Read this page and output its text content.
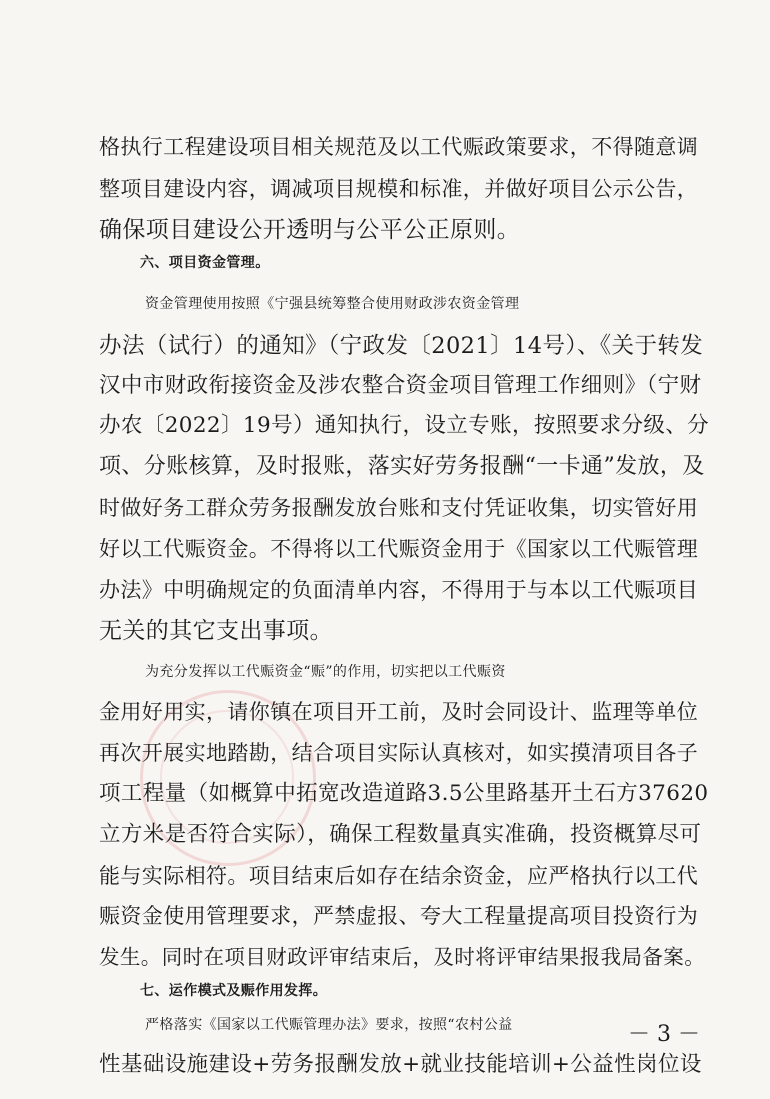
格执行工程建设项目相关规范及以工代赈政策要求，不得随意调
整项目建设内容，调减项目规模和标准，并做好项目公示公告，
确保项目建设公开透明与公平公正原则。
六、项目资金管理。
资金管理使用按照《宁强县统筹整合使用财政涉农资金管理
办法（试行）的通知》（宁政发〔2021〕14号）、《关于转发
汉中市财政衔接资金及涉农整合资金项目管理工作细则》（宁财
办农〔2022〕19号）通知执行，设立专账，按照要求分级、分
项、分账核算，及时报账，落实好劳务报酬“一卡通”发放，及
时做好务工群众劳务报酬发放台账和支付凭证收集，切实管好用
好以工代赈资金。不得将以工代赈资金用于《国家以工代赈管理
办法》中明确规定的负面清单内容，不得用于与本以工代赈项目
无关的其它支出事项。
为充分发挥以工代赈资金“赈”的作用，切实把以工代赈资
金用好用实，请你镇在项目开工前，及时会同设计、监理等单位
再次开展实地踏勘，结合项目实际认真核对，如实摸清项目各子
项工程量（如概算中拓宽改造道路3.5公里路基开土石方37620
立方米是否符合实际），确保工程数量真实准确，投资概算尽可
能与实际相符。项目结束后如存在结余资金，应严格执行以工代
赈资金使用管理要求，严禁虚报、夸大工程量提高项目投资行为
发生。同时在项目财政评审结束后，及时将评审结果报我局备案。
七、运作模式及赈作用发挥。
严格落实《国家以工代赈管理办法》要求，按照“农村公益
性基础设施建设+劳务报酬发放+就业技能培训+公益性岗位设
－ 3 －
